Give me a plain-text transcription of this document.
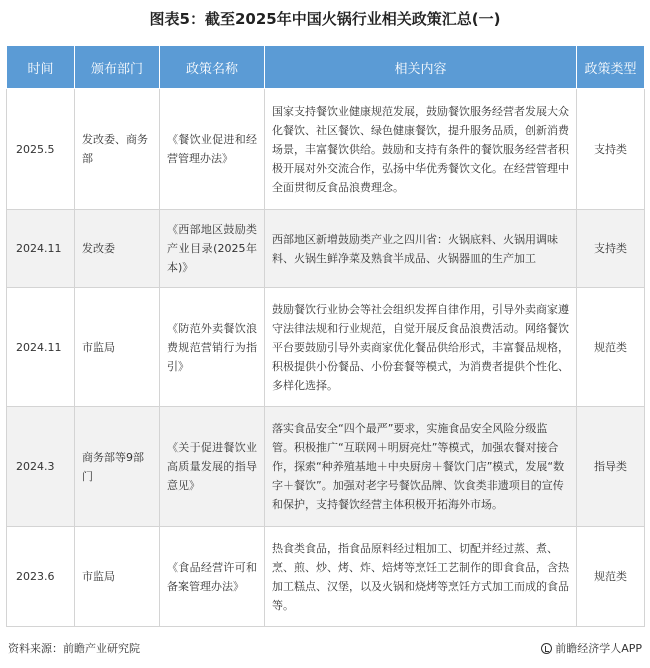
图表5：截至2025年中国火锅行业相关政策汇总(一)
时间	颁布部门	政策名称	相关内容	政策类型
2025.5	发改委、商务部	《餐饮业促进和经营管理办法》	国家支持餐饮业健康规范发展，鼓励餐饮服务经营者发展大众化餐饮、社区餐饮、绿色健康餐饮，提升服务品质，创新消费场景，丰富餐饮供给。鼓励和支持有条件的餐饮服务经营者积极开展对外交流合作，弘扬中华优秀餐饮文化。在经营管理中全面贯彻反食品浪费理念。	支持类
2024.11	发改委	《西部地区鼓励类产业目录(2025年本)》	西部地区新增鼓励类产业之四川省：火锅底料、火锅用调味料、火锅生鲜净菜及熟食半成品、火锅器皿的生产加工	支持类
2024.11	市监局	《防范外卖餐饮浪费规范营销行为指引》	鼓励餐饮行业协会等社会组织发挥自律作用，引导外卖商家遵守法律法规和行业规范，自觉开展反食品浪费活动。网络餐饮平台要鼓励引导外卖商家优化餐品供给形式，丰富餐品规格，积极提供小份餐品、小份套餐等模式，为消费者提供个性化、多样化选择。	规范类
2024.3	商务部等9部门	《关于促进餐饮业高质量发展的指导意见》	落实食品安全“四个最严”要求，实施食品安全风险分级监管。积极推广“互联网＋明厨亮灶”等模式，加强农餐对接合作，探索“种养殖基地＋中央厨房＋餐饮门店”模式，发展“数字＋餐饮”。加强对老字号餐饮品牌、饮食类非遗项目的宣传和保护，支持餐饮经营主体积极开拓海外市场。	指导类
2023.6	市监局	《食品经营许可和备案管理办法》	热食类食品，指食品原料经过粗加工、切配并经过蒸、煮、烹、煎、炒、烤、炸、焙烤等烹饪工艺制作的即食食品，含热加工糕点、汉堡，以及火锅和烧烤等烹饪方式加工而成的食品等。	规范类
资料来源：前瞻产业研究院	前瞻经济学人APP
